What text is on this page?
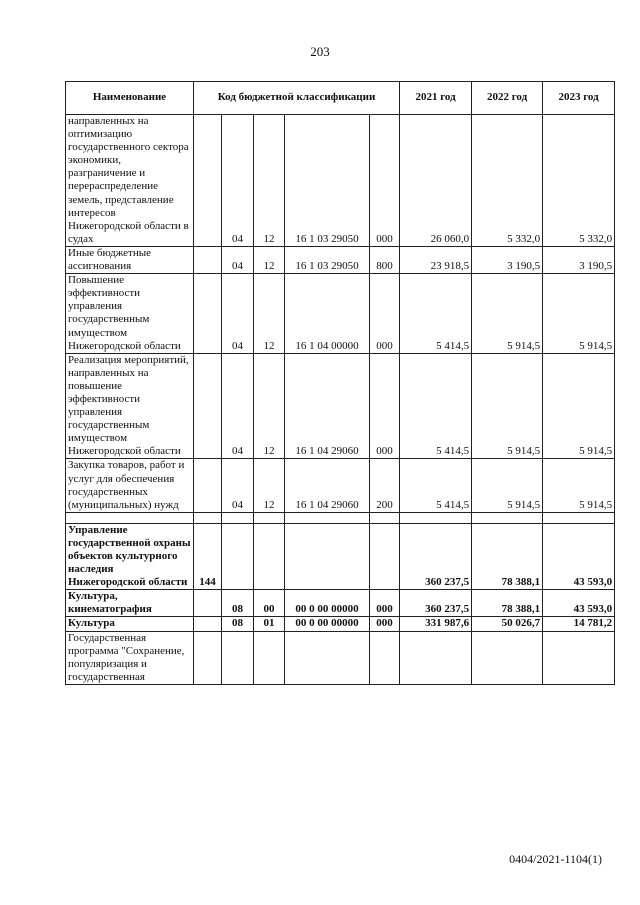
203
Наименование	Код бюджетной классификации					2021 год	2022 год	2023 год
направленных на оптимизацию государственного сектора экономики, разграничение и перераспределение земель, представление интересов Нижегородской области в судах		04	12	16 1 03 29050	000	26 060,0	5 332,0	5 332,0
Иные бюджетные ассигнования		04	12	16 1 03 29050	800	23 918,5	3 190,5	3 190,5
Повышение эффективности управления государственным имуществом Нижегородской области		04	12	16 1 04 00000	000	5 414,5	5 914,5	5 914,5
Реализация мероприятий, направленных на повышение эффективности управления государственным имуществом Нижегородской области		04	12	16 1 04 29060	000	5 414,5	5 914,5	5 914,5
Закупка товаров, работ и услуг для обеспечения государственных (муниципальных) нужд		04	12	16 1 04 29060	200	5 414,5	5 914,5	5 914,5

Управление государственной охраны объектов культурного наследия Нижегородской области	144					360 237,5	78 388,1	43 593,0
Культура, кинематография		08	00	00 0 00 00000	000	360 237,5	78 388,1	43 593,0
Культура		08	01	00 0 00 00000	000	331 987,6	50 026,7	14 781,2
Государственная программа "Сохранение, популяризация и государственная								
0404/2021-1104(1)
